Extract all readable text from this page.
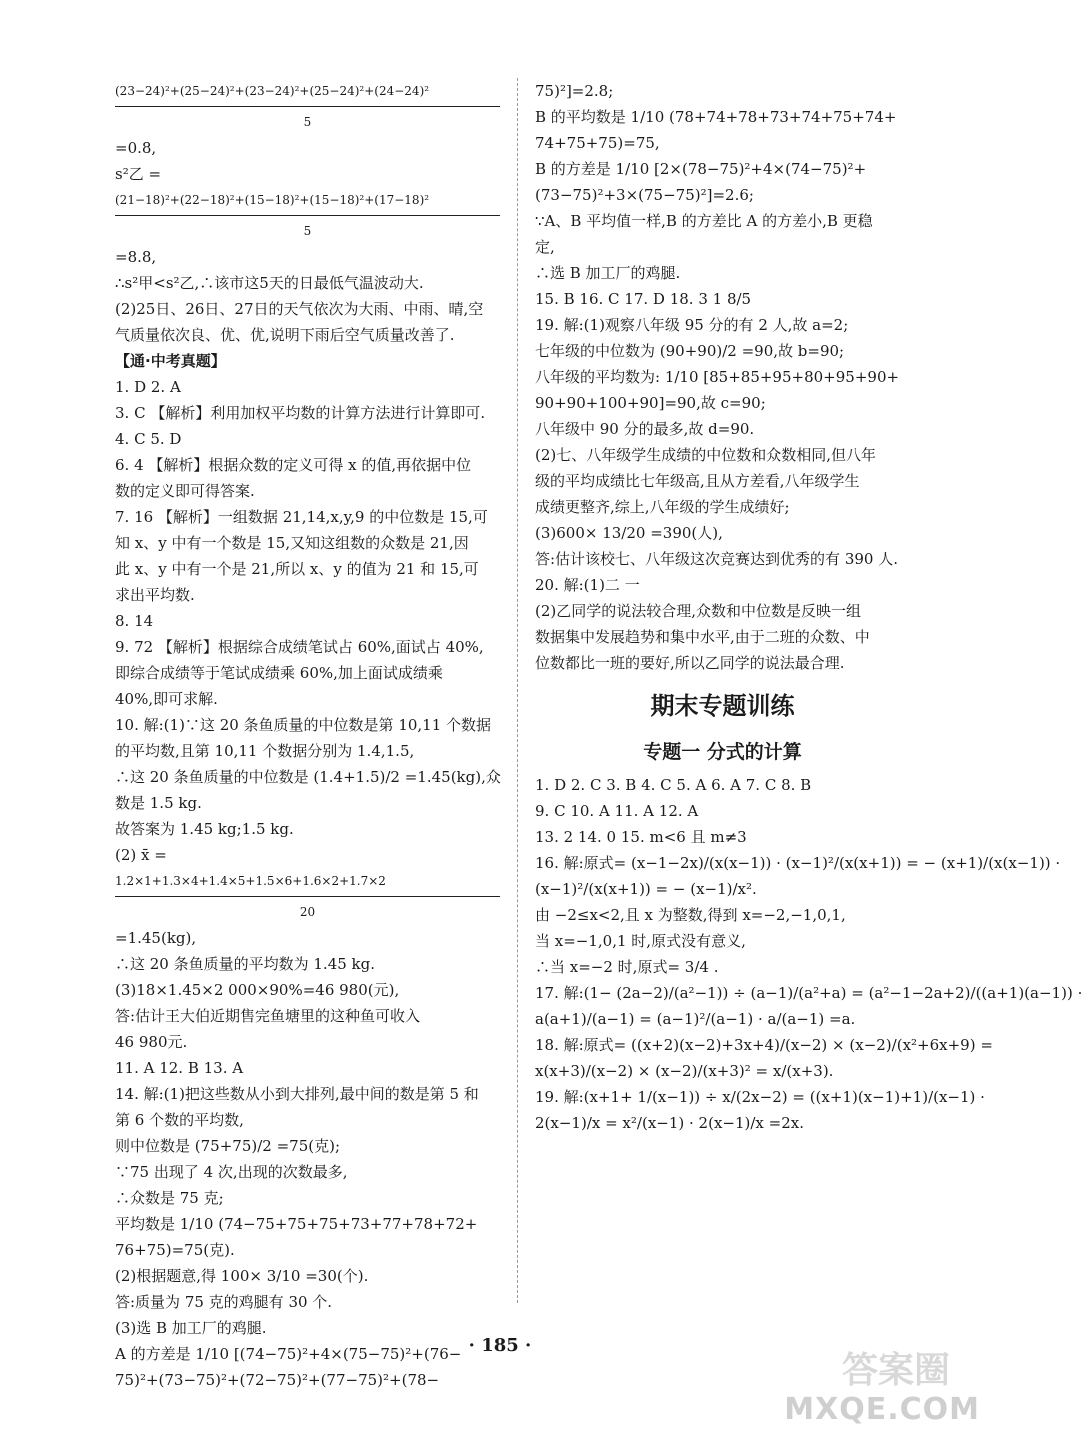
(23−24)²+(25−24)²+(23−24)²+(25−24)²+(24−24)²
5
=0.8,
s²乙 =
(21−18)²+(22−18)²+(15−18)²+(15−18)²+(17−18)²
5
=8.8,
∴s²甲<s²乙,∴该市这5天的日最低气温波动大.
(2)25日、26日、27日的天气依次为大雨、中雨、晴,空
气质量依次良、优、优,说明下雨后空气质量改善了.
【通·中考真题】
1. D 2. A
3. C 【解析】利用加权平均数的计算方法进行计算即可.
4. C 5. D
6. 4 【解析】根据众数的定义可得 x 的值,再依据中位
数的定义即可得答案.
7. 16 【解析】一组数据 21,14,x,y,9 的中位数是 15,可
知 x、y 中有一个数是 15,又知这组数的众数是 21,因
此 x、y 中有一个是 21,所以 x、y 的值为 21 和 15,可
求出平均数.
8. 14
9. 72 【解析】根据综合成绩笔试占 60%,面试占 40%,
即综合成绩等于笔试成绩乘 60%,加上面试成绩乘
40%,即可求解.
10. 解:(1)∵这 20 条鱼质量的中位数是第 10,11 个数据
的平均数,且第 10,11 个数据分别为 1.4,1.5,
∴这 20 条鱼质量的中位数是 (1.4+1.5)/2 =1.45(kg),众
数是 1.5 kg.
故答案为 1.45 kg;1.5 kg.
(2) x̄ =
1.2×1+1.3×4+1.4×5+1.5×6+1.6×2+1.7×2
20
=1.45(kg),
∴这 20 条鱼质量的平均数为 1.45 kg.
(3)18×1.45×2 000×90%=46 980(元),
答:估计王大伯近期售完鱼塘里的这种鱼可收入
46 980元.
11. A 12. B 13. A
14. 解:(1)把这些数从小到大排列,最中间的数是第 5 和
第 6 个数的平均数,
则中位数是 (75+75)/2 =75(克);
∵75 出现了 4 次,出现的次数最多,
∴众数是 75 克;
平均数是 1/10 (74−75+75+75+73+77+78+72+
76+75)=75(克).
(2)根据题意,得 100× 3/10 =30(个).
答:质量为 75 克的鸡腿有 30 个.
(3)选 B 加工厂的鸡腿.
A 的方差是 1/10 [(74−75)²+4×(75−75)²+(76−
75)²+(73−75)²+(72−75)²+(77−75)²+(78−
75)²]=2.8;
B 的平均数是 1/10 (78+74+78+73+74+75+74+
74+75+75)=75,
B 的方差是 1/10 [2×(78−75)²+4×(74−75)²+
(73−75)²+3×(75−75)²]=2.6;
∵A、B 平均值一样,B 的方差比 A 的方差小,B 更稳
定,
∴选 B 加工厂的鸡腿.
15. B 16. C 17. D 18. 3 1 8/5
19. 解:(1)观察八年级 95 分的有 2 人,故 a=2;
七年级的中位数为 (90+90)/2 =90,故 b=90;
八年级的平均数为: 1/10 [85+85+95+80+95+90+
90+90+100+90]=90,故 c=90;
八年级中 90 分的最多,故 d=90.
(2)七、八年级学生成绩的中位数和众数相同,但八年
级的平均成绩比七年级高,且从方差看,八年级学生
成绩更整齐,综上,八年级的学生成绩好;
(3)600× 13/20 =390(人),
答:估计该校七、八年级这次竞赛达到优秀的有 390 人.
20. 解:(1)二 一
(2)乙同学的说法较合理,众数和中位数是反映一组
数据集中发展趋势和集中水平,由于二班的众数、中
位数都比一班的要好,所以乙同学的说法最合理.
期末专题训练
专题一 分式的计算
1. D 2. C 3. B 4. C 5. A 6. A 7. C 8. B
9. C 10. A 11. A 12. A
13. 2 14. 0 15. m<6 且 m≠3
16. 解:原式= (x−1−2x)/(x(x−1)) · (x−1)²/(x(x+1)) = − (x+1)/(x(x−1)) ·
(x−1)²/(x(x+1)) = − (x−1)/x².
由 −2≤x<2,且 x 为整数,得到 x=−2,−1,0,1,
当 x=−1,0,1 时,原式没有意义,
∴当 x=−2 时,原式= 3/4 .
17. 解:(1− (2a−2)/(a²−1)) ÷ (a−1)/(a²+a) = (a²−1−2a+2)/((a+1)(a−1)) ·
a(a+1)/(a−1) = (a−1)²/(a−1) · a/(a−1) =a.
18. 解:原式= ((x+2)(x−2)+3x+4)/(x−2) × (x−2)/(x²+6x+9) =
x(x+3)/(x−2) × (x−2)/(x+3)² = x/(x+3).
19. 解:(x+1+ 1/(x−1)) ÷ x/(2x−2) = ((x+1)(x−1)+1)/(x−1) ·
2(x−1)/x = x²/(x−1) · 2(x−1)/x =2x.
· 185 ·
答案圈
MXQE.COM
